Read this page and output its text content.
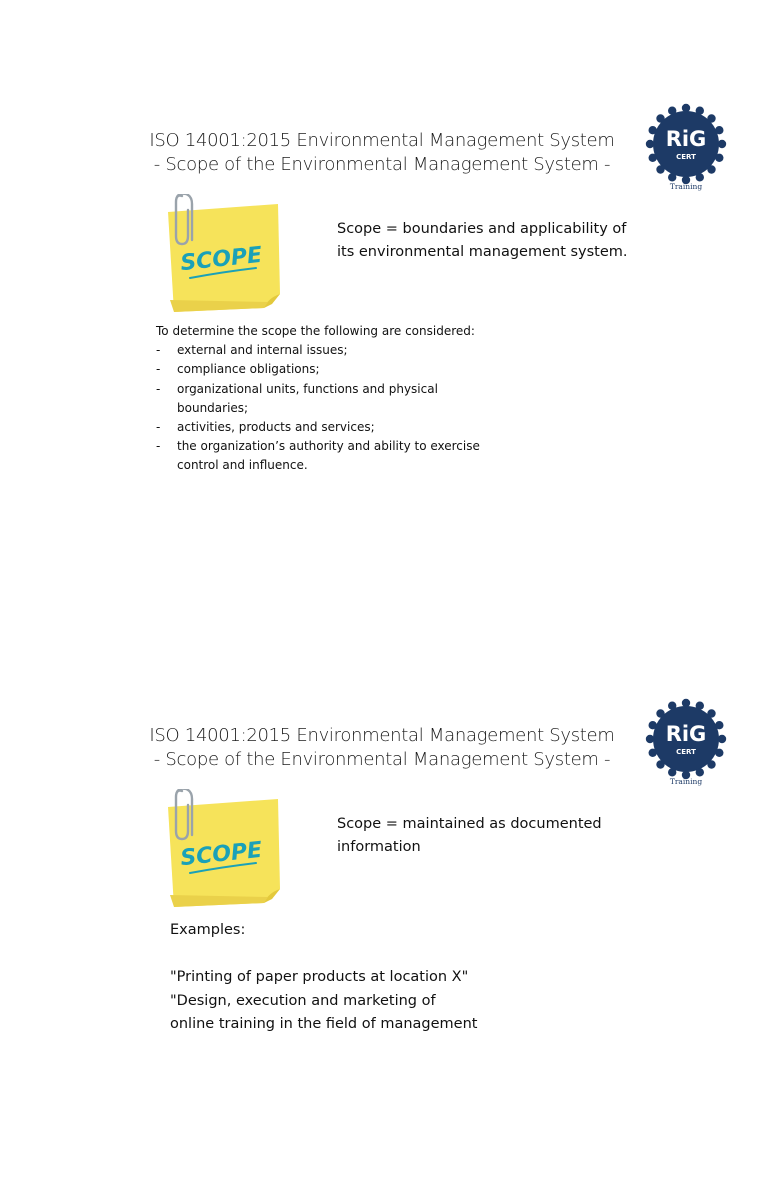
ISO 14001:2015 Environmental Management System
- Scope of the Environmental Management System -
RiG
CERT
Training
SCOPE
Scope = boundaries and applicability of
its environmental management system.
To determine the scope the following are considered:
- external and internal issues;
- compliance obligations;
- organizational units, functions and physical
boundaries;
- activities, products and services;
- the organization’s authority and ability to exercise
control and influence.
ISO 14001:2015 Environmental Management System
- Scope of the Environmental Management System -
RiG
CERT
Training
SCOPE
Scope = maintained as documented
information
Examples:
"Printing of paper products at location X"
"Design, execution and marketing of
online training in the field of management
